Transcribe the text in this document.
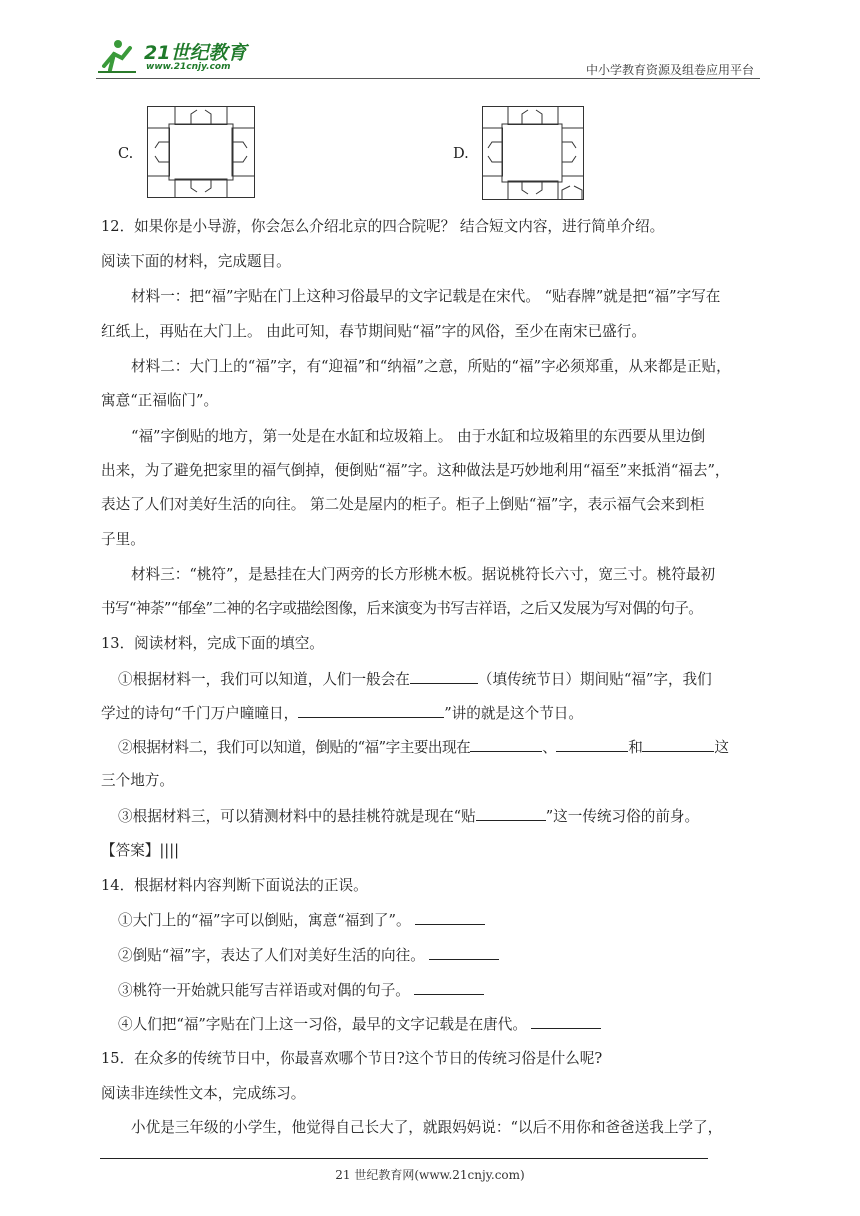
21世纪教育
www.21cnjy.com	中小学教育资源及组卷应用平台
C.	D.
12．如果你是小导游，你会怎么介绍北京的四合院呢？ 结合短文内容，进行简单介绍。
阅读下面的材料，完成题目。
材料一：把“福”字贴在门上这种习俗最早的文字记载是在宋代。 “贴春牌”就是把“福”字写在
红纸上，再贴在大门上。 由此可知，春节期间贴“福”字的风俗，至少在南宋已盛行。
材料二：大门上的“福”字，有“迎福”和“纳福”之意，所贴的“福”字必须郑重，从来都是正贴，
寓意“正福临门”。
“福”字倒贴的地方，第一处是在水缸和垃圾箱上。 由于水缸和垃圾箱里的东西要从里边倒
出来，为了避免把家里的福气倒掉，便倒贴“福”字。这种做法是巧妙地利用“福至”来抵消“福去”，
表达了人们对美好生活的向往。 第二处是屋内的柜子。柜子上倒贴“福”字，表示福气会来到柜
子里。
材料三：“桃符”，是悬挂在大门两旁的长方形桃木板。据说桃符长六寸，宽三寸。桃符最初
书写“神荼”“郁垒”二神的名字或描绘图像，后来演变为书写吉祥语，之后又发展为写对偶的句子。
13．阅读材料，完成下面的填空。
①根据材料一，我们可以知道，人们一般会在	（填传统节日）期间贴“福”字，我们
学过的诗句“千门万户曈曈日，	”讲的就是这个节日。
②根据材料二，我们可以知道，倒贴的“福”字主要出现在	、	和	这
三个地方。
③根据材料三，可以猜测材料中的悬挂桃符就是现在“贴	”这一传统习俗的前身。
【答案】||||
14．根据材料内容判断下面说法的正误。
①大门上的“福”字可以倒贴，寓意“福到了”。
②倒贴“福”字，表达了人们对美好生活的向往。
③桃符一开始就只能写吉祥语或对偶的句子。
④人们把“福”字贴在门上这一习俗，最早的文字记载是在唐代。
15．在众多的传统节日中，你最喜欢哪个节日?这个节日的传统习俗是什么呢?
阅读非连续性文本，完成练习。
小优是三年级的小学生，他觉得自己长大了，就跟妈妈说：“以后不用你和爸爸送我上学了，
21 世纪教育网(www.21cnjy.com)
